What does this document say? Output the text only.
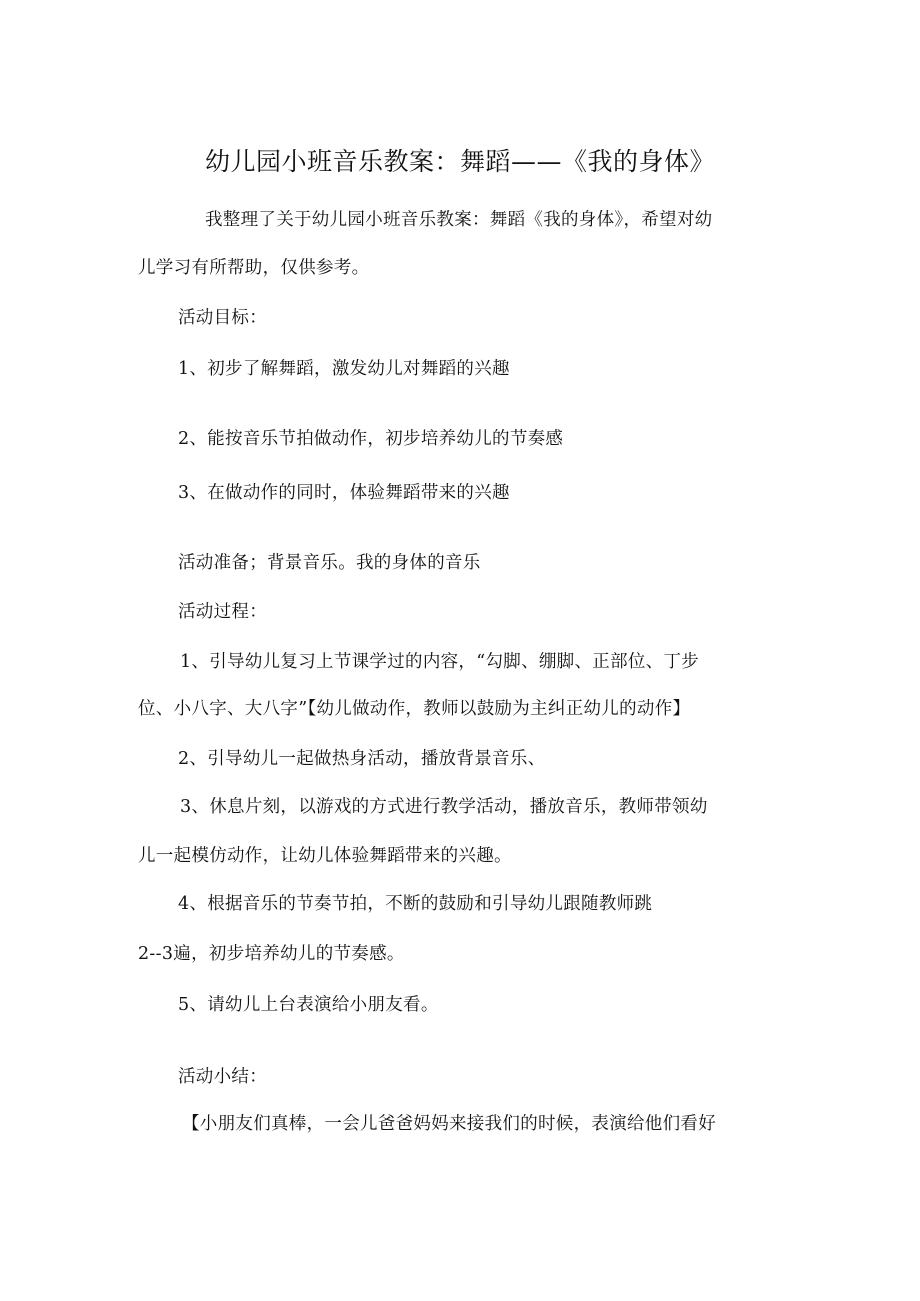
幼儿园小班音乐教案：舞蹈——《我的身体》
我整理了关于幼儿园小班音乐教案：舞蹈《我的身体》，希望对幼
儿学习有所帮助，仅供参考。
活动目标：
1、初步了解舞蹈，激发幼儿对舞蹈的兴趣
2、能按音乐节拍做动作，初步培养幼儿的节奏感
3、在做动作的同时，体验舞蹈带来的兴趣
活动准备；背景音乐。我的身体的音乐
活动过程：
1、引导幼儿复习上节课学过的内容，“勾脚、绷脚、正部位、丁步
位、小八字、大八字”【幼儿做动作，教师以鼓励为主纠正幼儿的动作】
2、引导幼儿一起做热身活动，播放背景音乐、
3、休息片刻，以游戏的方式进行教学活动，播放音乐，教师带领幼
儿一起模仿动作，让幼儿体验舞蹈带来的兴趣。
4、根据音乐的节奏节拍，不断的鼓励和引导幼儿跟随教师跳
2--3遍，初步培养幼儿的节奏感。
5、请幼儿上台表演给小朋友看。
活动小结：
【小朋友们真棒，一会儿爸爸妈妈来接我们的时候，表演给他们看好
